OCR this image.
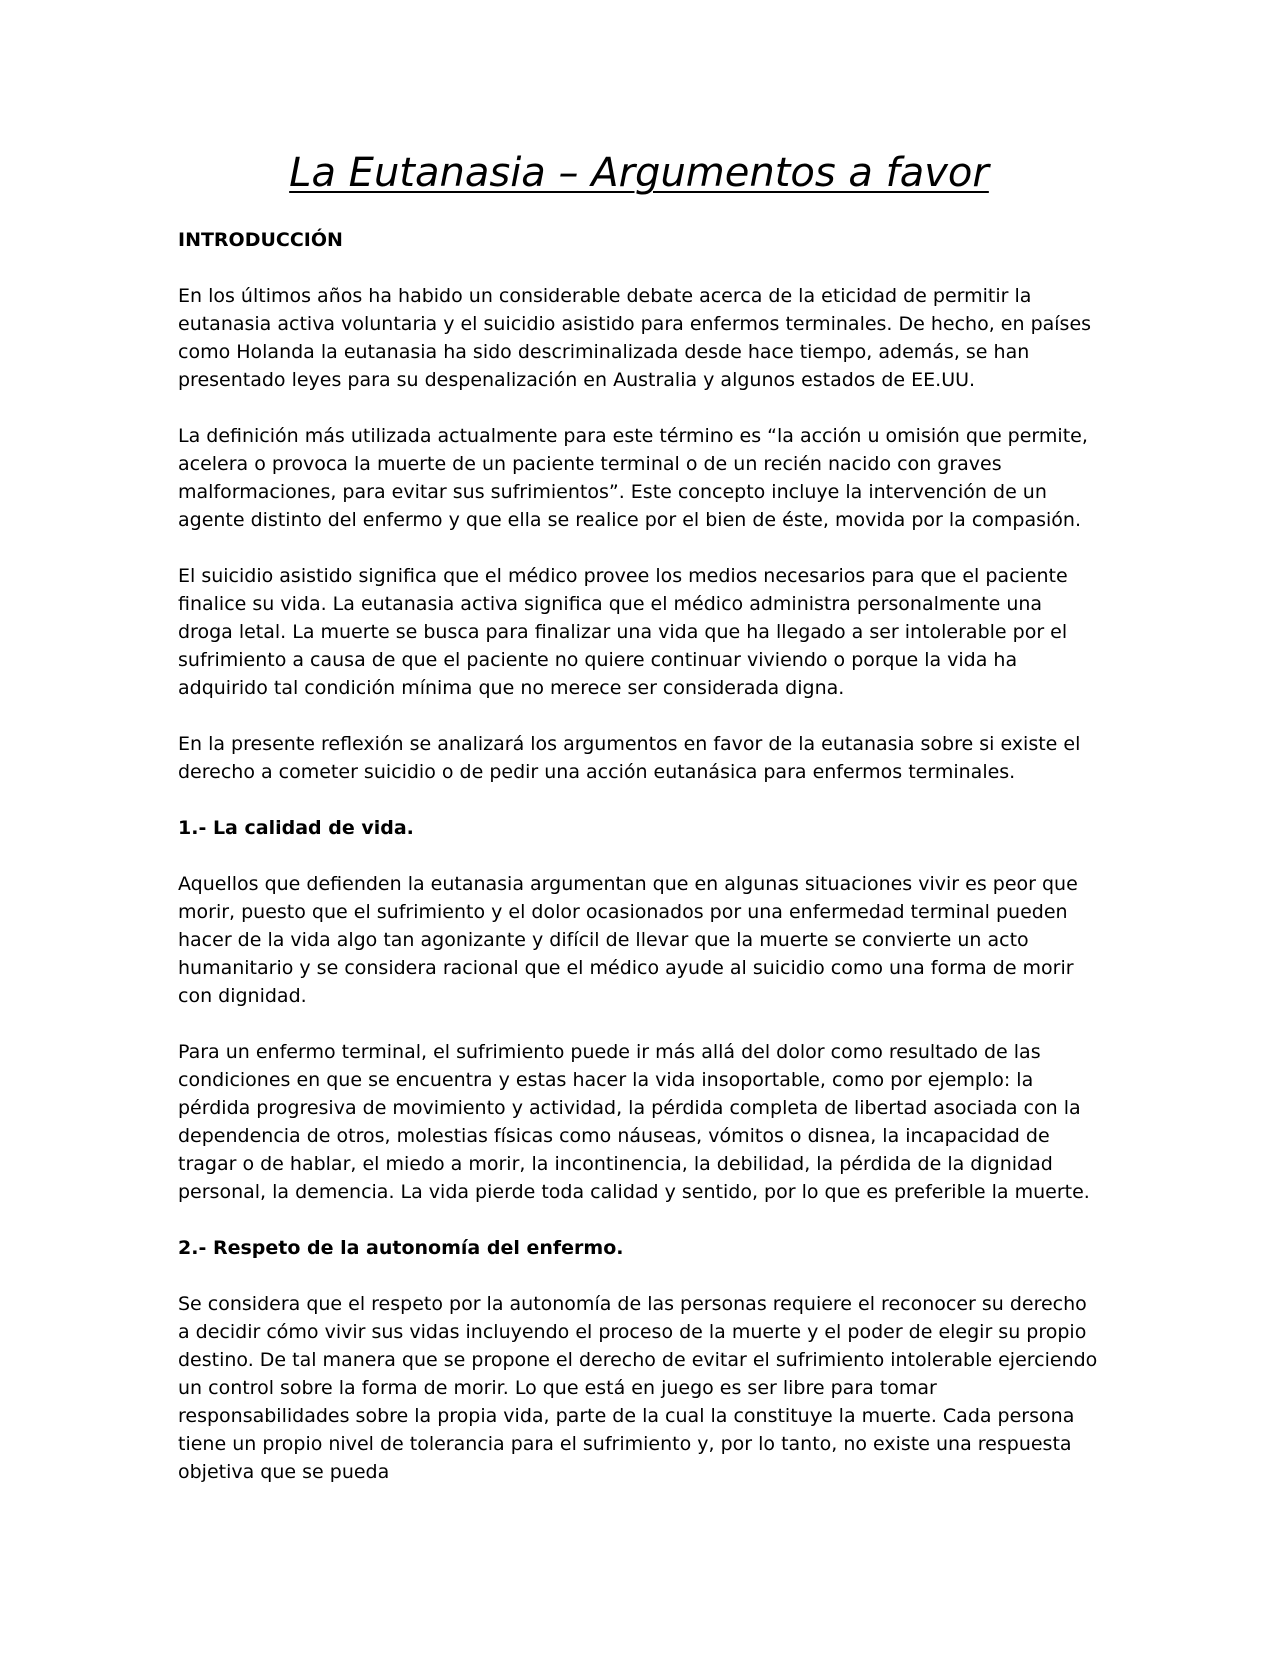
La Eutanasia – Argumentos a favor
INTRODUCCIÓN

En los últimos años ha habido un considerable debate acerca de la eticidad de permitir la eutanasia activa voluntaria y el suicidio asistido para enfermos terminales. De hecho, en países como Holanda la eutanasia ha sido descriminalizada desde hace tiempo, además, se han presentado leyes para su despenalización en Australia y algunos estados de EE.UU.

La definición más utilizada actualmente para este término es “la acción u omisión que permite, acelera o provoca la muerte de un paciente terminal o de un recién nacido con graves malformaciones, para evitar sus sufrimientos”. Este concepto incluye la intervención de un agente distinto del enfermo y que ella se realice por el bien de éste, movida por la compasión.

El suicidio asistido significa que el médico provee los medios necesarios para que el paciente finalice su vida. La eutanasia activa significa que el médico administra personalmente una droga letal. La muerte se busca para finalizar una vida que ha llegado a ser intolerable por el sufrimiento a causa de que el paciente no quiere continuar viviendo o porque la vida ha adquirido tal condición mínima que no merece ser considerada digna.

En la presente reflexión se analizará los argumentos en favor de la eutanasia sobre si existe el derecho a cometer suicidio o de pedir una acción eutanásica para enfermos terminales.

1.- La calidad de vida.

Aquellos que defienden la eutanasia argumentan que en algunas situaciones vivir es peor que morir, puesto que el sufrimiento y el dolor ocasionados por una enfermedad terminal pueden hacer de la vida algo tan agonizante y difícil de llevar que la muerte se convierte un acto humanitario y se considera racional que el médico ayude al suicidio como una forma de morir con dignidad.

Para un enfermo terminal, el sufrimiento puede ir más allá del dolor como resultado de las condiciones en que se encuentra y estas hacer la vida insoportable, como por ejemplo: la pérdida progresiva de movimiento y actividad, la pérdida completa de libertad asociada con la dependencia de otros, molestias físicas como náuseas, vómitos o disnea, la incapacidad de tragar o de hablar, el miedo a morir, la incontinencia, la debilidad, la pérdida de la dignidad personal, la demencia. La vida pierde toda calidad y sentido, por lo que es preferible la muerte.

2.- Respeto de la autonomía del enfermo.

Se considera que el respeto por la autonomía de las personas requiere el reconocer su derecho a decidir cómo vivir sus vidas incluyendo el proceso de la muerte y el poder de elegir su propio destino. De tal manera que se propone el derecho de evitar el sufrimiento intolerable ejerciendo un control sobre la forma de morir. Lo que está en juego es ser libre para tomar responsabilidades sobre la propia vida, parte de la cual la constituye la muerte. Cada persona tiene un propio nivel de tolerancia para el sufrimiento y, por lo tanto, no existe una respuesta objetiva que se pueda
